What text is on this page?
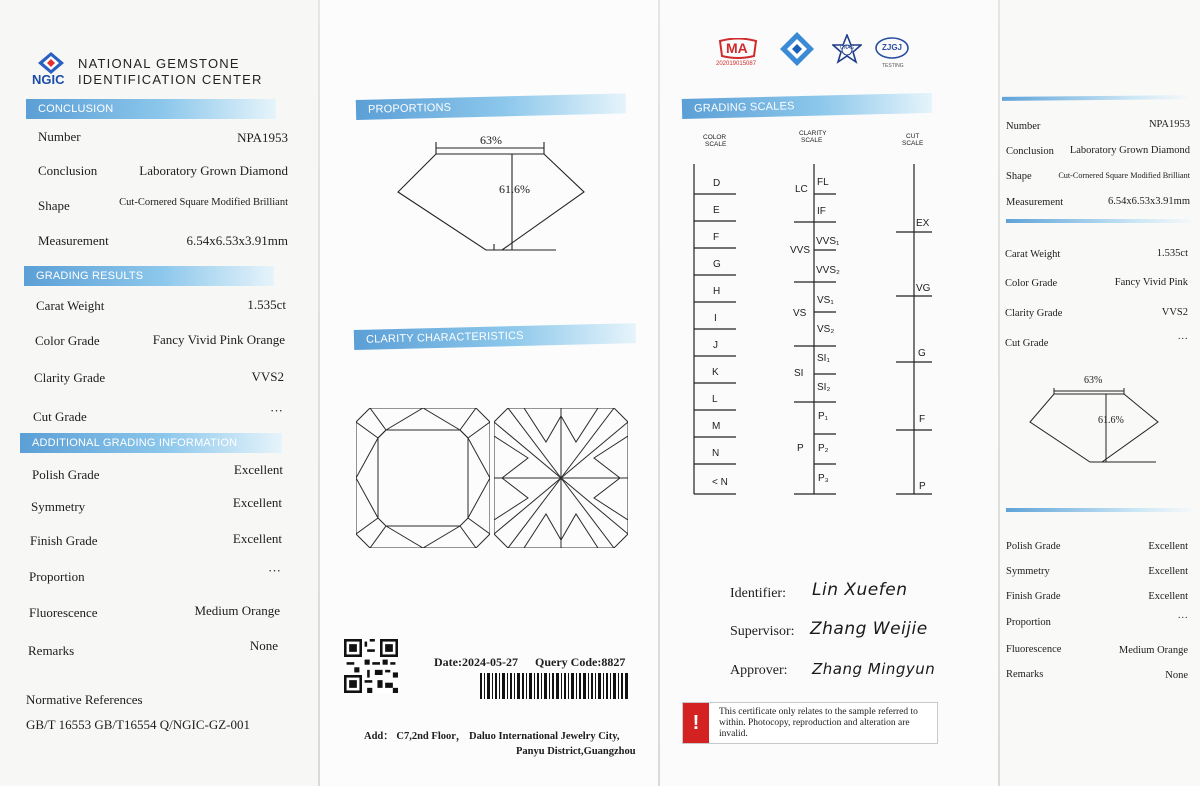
NATIONAL GEMSTONE
NGIC IDENTIFICATION CENTER
CONCLUSION
Number	NPA1953
Conclusion	Laboratory Grown Diamond
Shape	Cut-Cornered Square Modified Brilliant
Measurement	6.54x6.53x3.91mm
GRADING RESULTS
Carat Weight	1.535ct
Color Grade	Fancy Vivid Pink Orange
Clarity Grade	VVS2
Cut Grade	···
ADDITIONAL GRADING INFORMATION
Polish Grade	Excellent
Symmetry	Excellent
Finish Grade	Excellent
Proportion	···
Fluorescence	Medium Orange
Remarks	None
Normative References
GB/T 16553 GB/T16554 Q/NGIC-GZ-001
PROPORTIONS
63%
61.6%
CLARITY CHARACTERISTICS
Date:2024-05-27 Query Code:8827
Add： C7,2nd Floor， Daluo International Jewelry City,
Panyu District,Guangzhou
MA
202019015087
CNAS	ZJGJ
TESTING
GRADING SCALES
COLOR
SCALE
CLARITY
SCALE
CUT
SCALE
D
E
F
G
H
I
J
K
L
M
N
< N
LC
VVS
VS
SI
P
FL
IF
VVS₁
VVS₂
VS₁
VS₂
SI₁
SI₂
P₁
P₂
P₃
EX
VG
G
F
P
Identifier: Lin Xuefen
Supervisor: Zhang Weijie
Approver: Zhang Mingyun
!	This certificate only relates to the sample referred to within. Photocopy, reproduction and alteration are invalid.
Number	NPA1953
Conclusion Laboratory Grown Diamond
Shape	Cut-Cornered Square Modified Brilliant
Measurement	6.54x6.53x3.91mm
Carat Weight	1.535ct
Color Grade	Fancy Vivid Pink
Clarity Grade	VVS2
Cut Grade	···
63%
61.6%
Polish Grade	Excellent
Symmetry	Excellent
Finish Grade	Excellent
Proportion	···
Fluorescence	Medium Orange
Remarks	None
